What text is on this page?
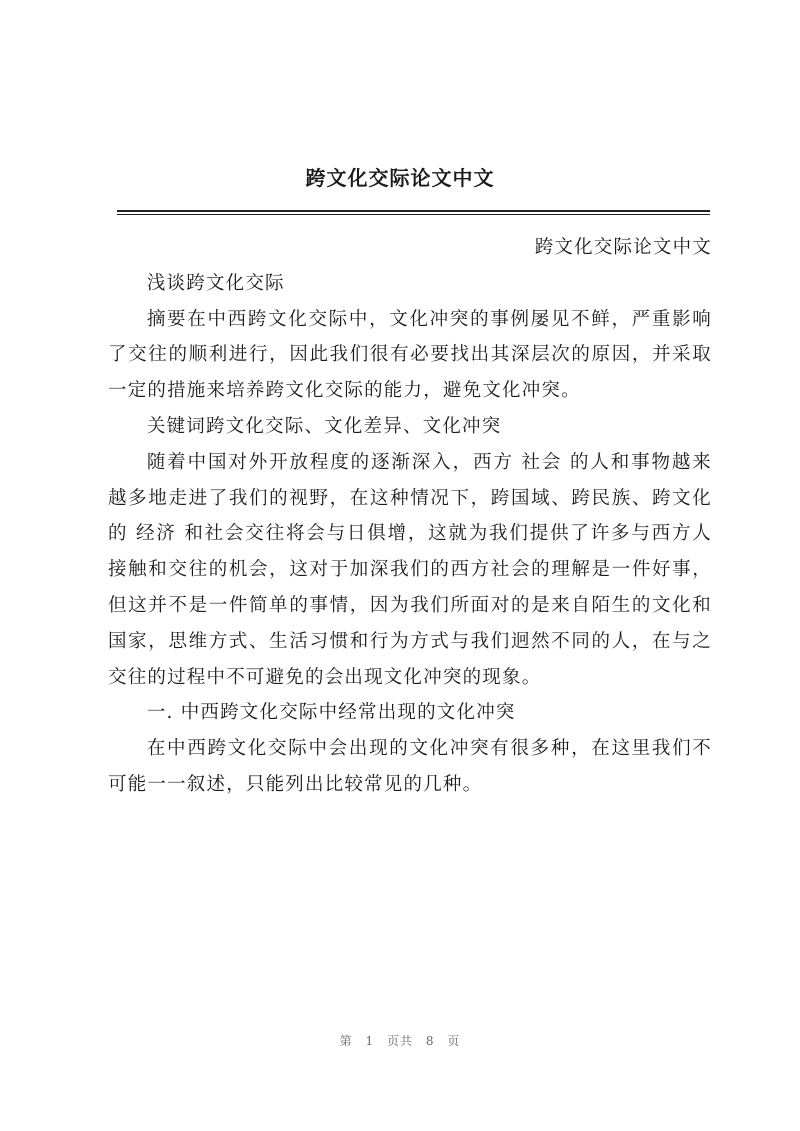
跨文化交际论文中文

跨文化交际论文中文

浅谈跨文化交际

摘要在中西跨文化交际中，文化冲突的事例屡见不鲜，严重影响 了交往的顺利进行，因此我们很有必要找出其深层次的原因，并采取一定的措施来培养跨文化交际的能力，避免文化冲突。

关键词跨文化交际、文化差异、文化冲突

随着中国对外开放程度的逐渐深入，西方 社会 的人和事物越来越多地走进了我们的视野，在这种情况下，跨国域、跨民族、跨文化的 经济 和社会交往将会与日俱增，这就为我们提供了许多与西方人接触和交往的机会，这对于加深我们的西方社会的理解是一件好事，但这并不是一件简单的事情，因为我们所面对的是来自陌生的文化和国家，思维方式、生活习惯和行为方式与我们迥然不同的人，在与之交往的过程中不可避免的会出现文化冲突的现象。

一. 中西跨文化交际中经常出现的文化冲突

在中西跨文化交际中会出现的文化冲突有很多种，在这里我们不可能一一叙述，只能列出比较常见的几种。

第 1 页共 8 页
